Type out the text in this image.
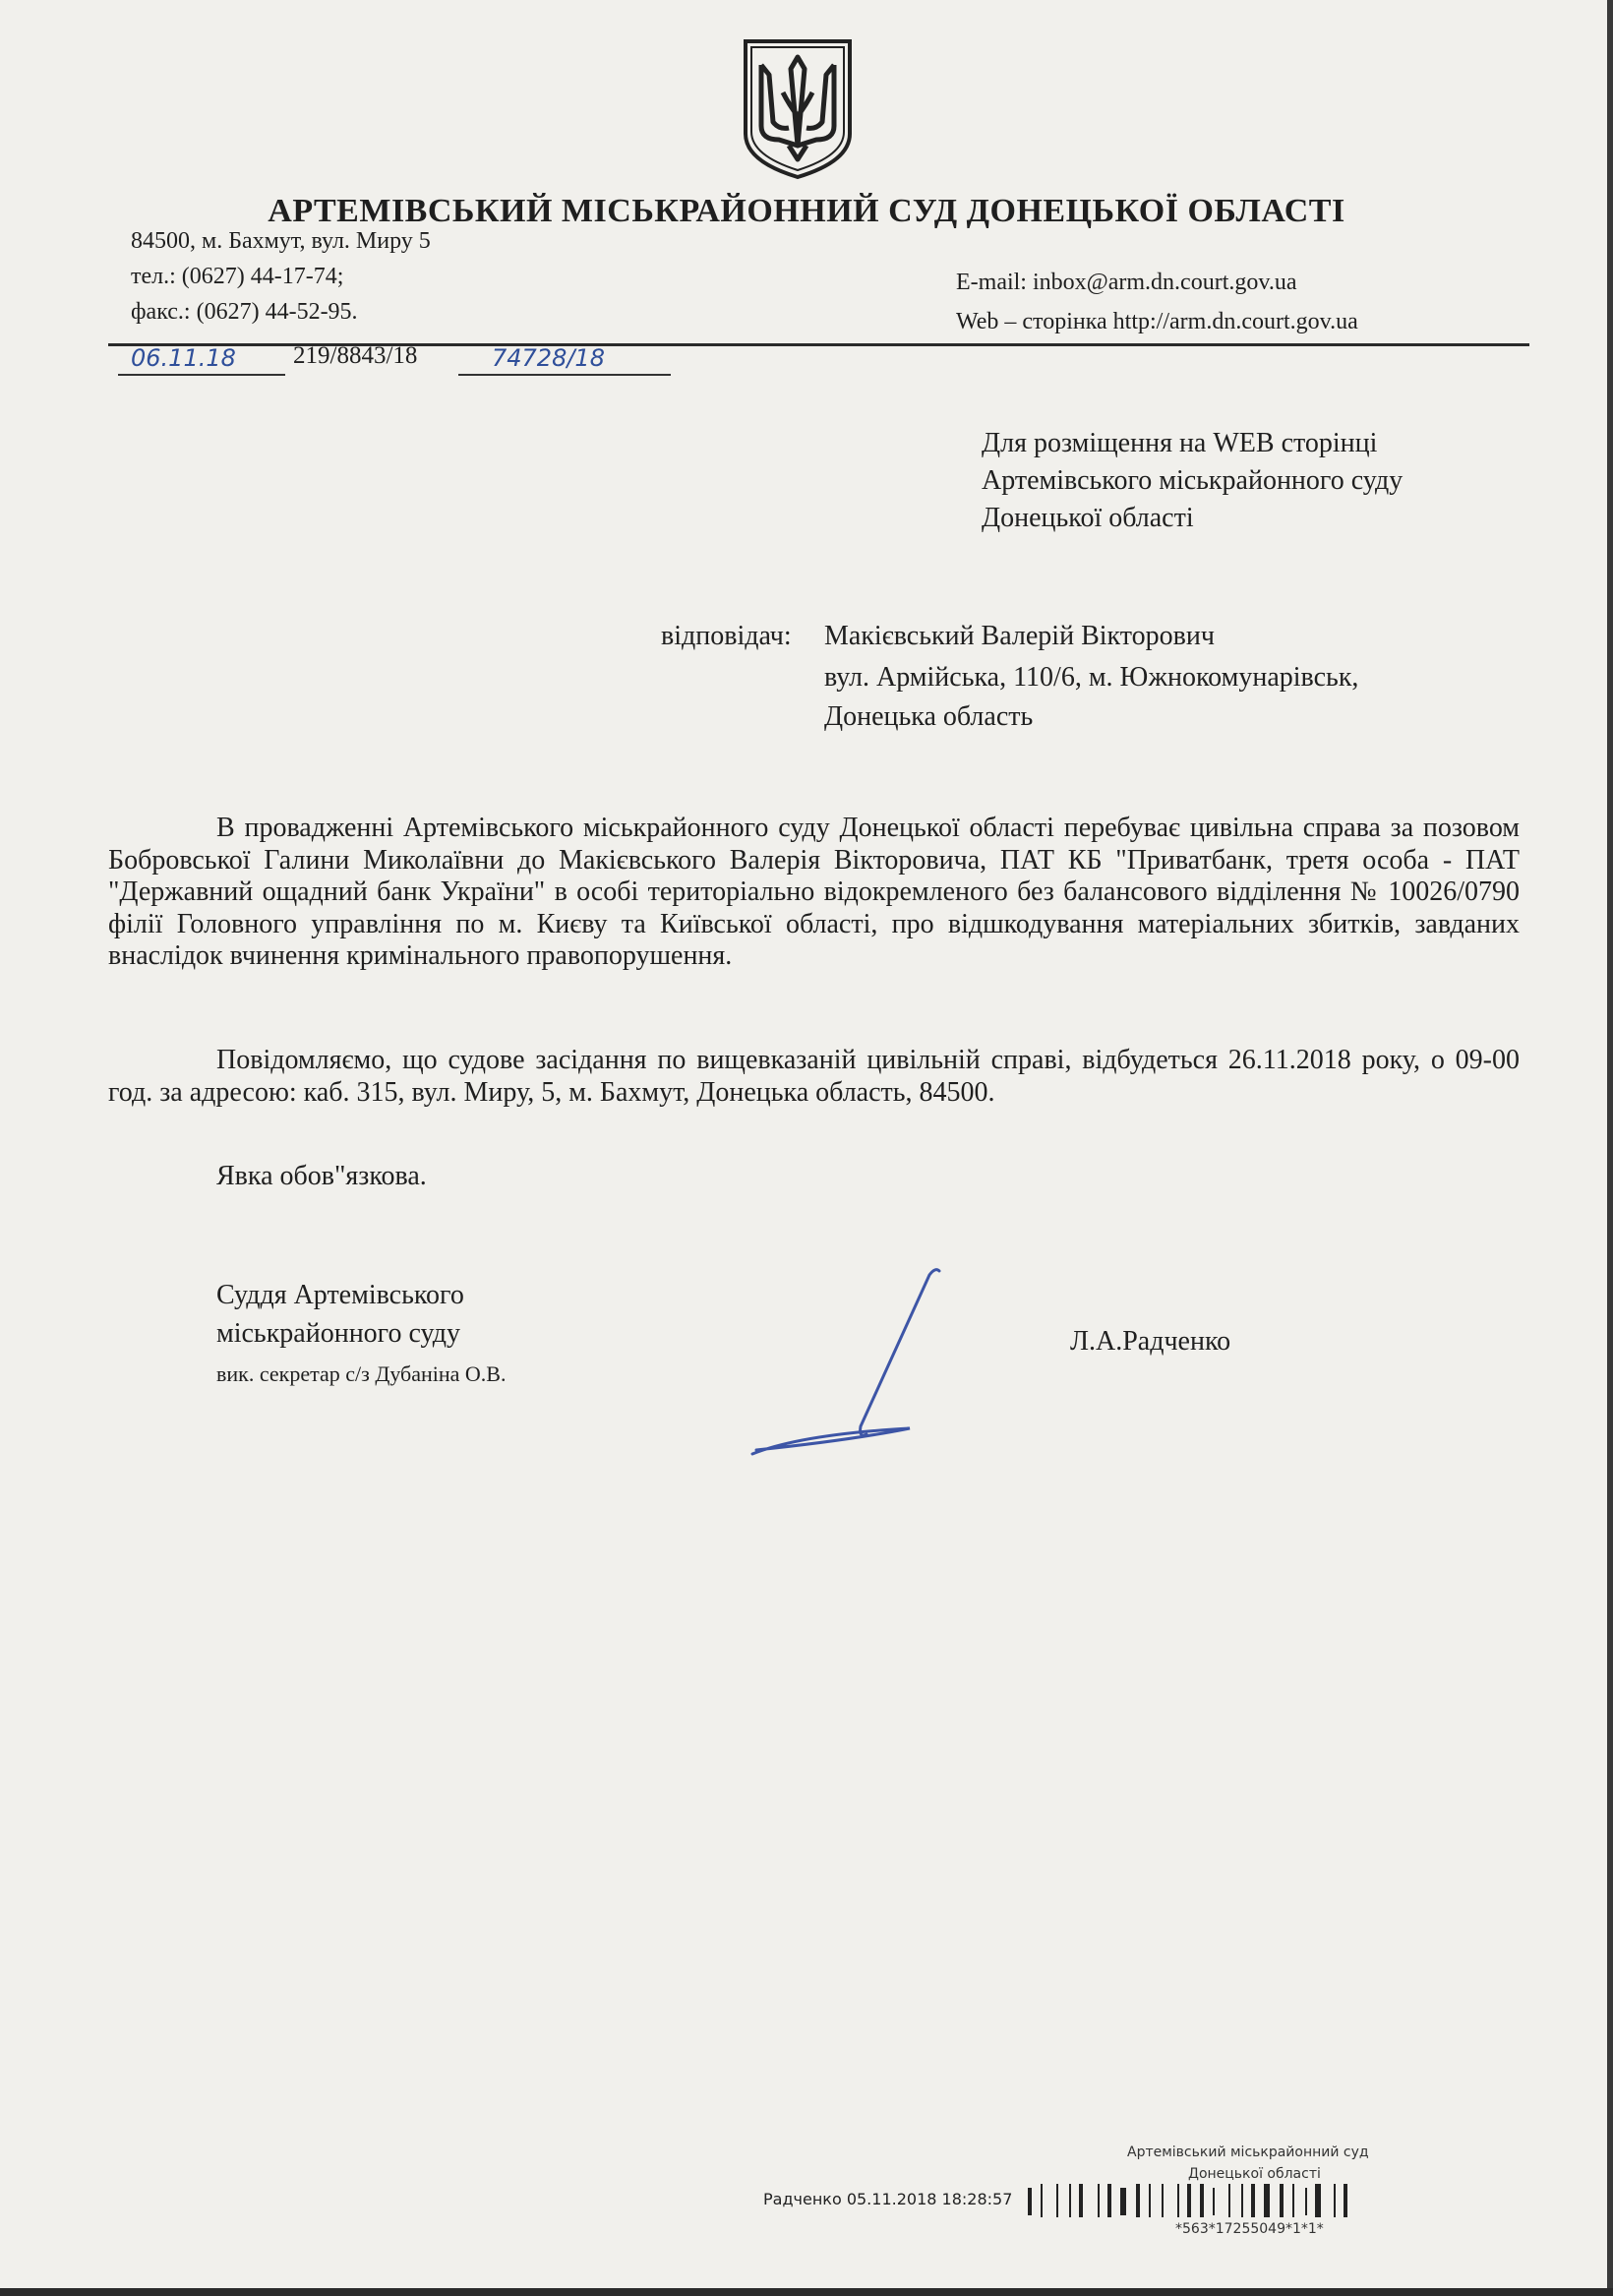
АРТЕМІВСЬКИЙ МІСЬКРАЙОННИЙ СУД ДОНЕЦЬКОЇ ОБЛАСТІ
84500, м. Бахмут, вул. Миру 5
тел.: (0627) 44-17-74;
факс.: (0627) 44-52-95.
E-mail: inbox@arm.dn.court.gov.ua
Web – сторінка http://arm.dn.court.gov.ua
06.11.18 219/8843/18	74728/18
Для розміщення на WEB сторінці
Артемівського міськрайонного суду
Донецької області
відповідач: Макієвський Валерій Вікторович
вул. Армійська, 110/6, м. Южнокомунарівськ,
Донецька область
В провадженні Артемівського міськрайонного суду Донецької області перебуває цивільна справа за позовом Бобровської Галини Миколаївни до Макієвського Валерія Вікторовича, ПАТ КБ "Приватбанк, третя особа - ПАТ "Державний ощадний банк України" в особі територіально відокремленого без балансового відділення № 10026/0790 філії Головного управління по м. Києву та Київської області, про відшкодування матеріальних збитків, завданих внаслідок вчинення кримінального правопорушення.
Повідомляємо, що судове засідання по вищевказаній цивільній справі, відбудеться 26.11.2018 року, о 09-00 год. за адресою: каб. 315, вул. Миру, 5, м. Бахмут, Донецька область, 84500.
Явка обов"язкова.
Суддя Артемівського
міськрайонного суду
вик. секретар с/з Дубаніна О.В.
Л.А.Радченко
Артемівський міськрайонний суд
Донецької області
Радченко 05.11.2018 18:28:57
*563*17255049*1*1*
